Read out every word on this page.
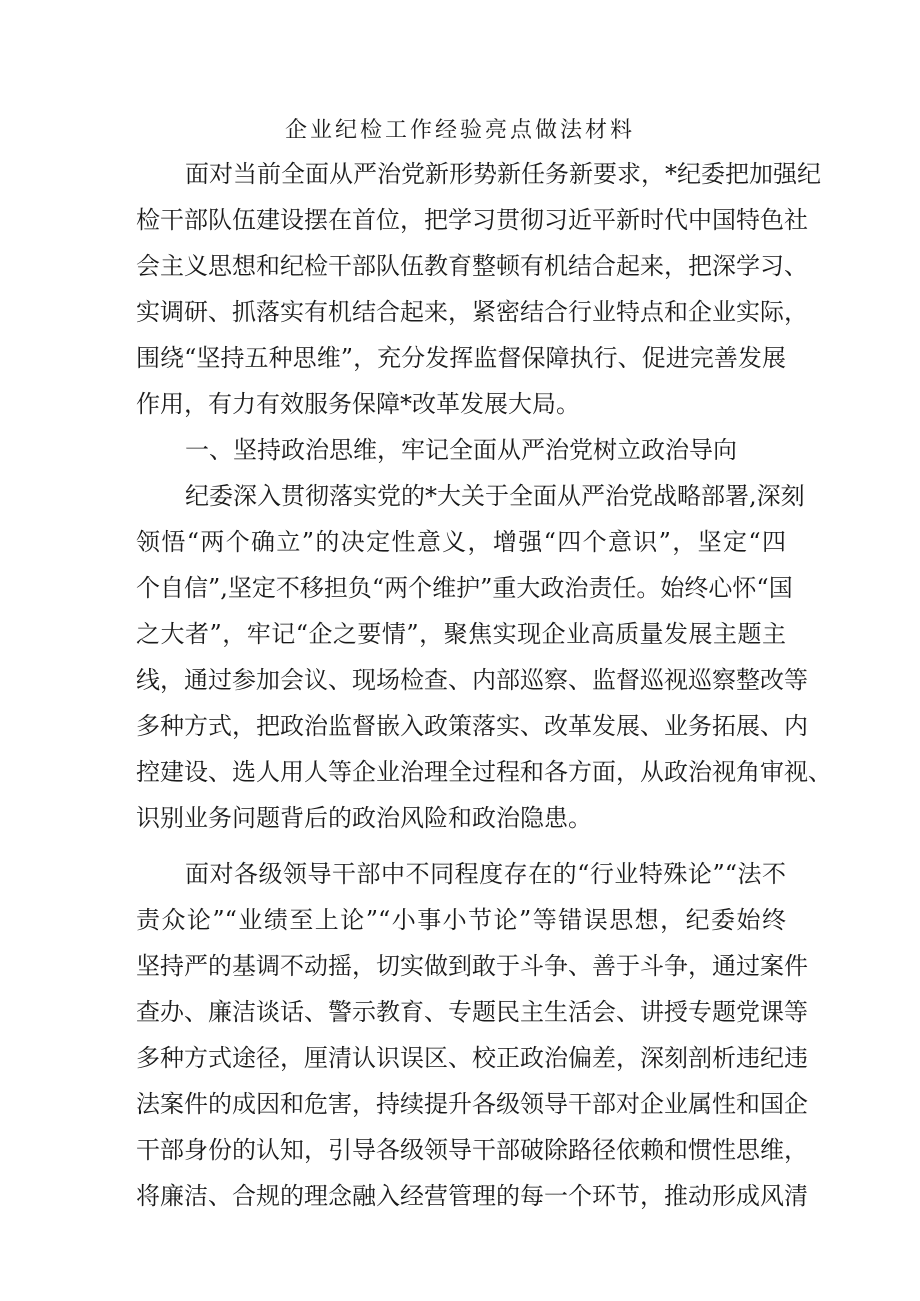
企业纪检工作经验亮点做法材料

面对当前全面从严治党新形势新任务新要求，*纪委把加强纪

检干部队伍建设摆在首位，把学习贯彻习近平新时代中国特色社

会主义思想和纪检干部队伍教育整顿有机结合起来，把深学习、

实调研、抓落实有机结合起来，紧密结合行业特点和企业实际，

围绕“坚持五种思维”，充分发挥监督保障执行、促进完善发展

作用，有力有效服务保障*改革发展大局。

一、坚持政治思维，牢记全面从严治党树立政治导向

纪委深入贯彻落实党的*大关于全面从严治党战略部署,深刻

领悟“两个确立”的决定性意义，增强“四个意识”，坚定“四

个自信”,坚定不移担负“两个维护”重大政治责任。始终心怀“国

之大者”，牢记“企之要情”，聚焦实现企业高质量发展主题主

线，通过参加会议、现场检查、内部巡察、监督巡视巡察整改等

多种方式，把政治监督嵌入政策落实、改革发展、业务拓展、内

控建设、选人用人等企业治理全过程和各方面，从政治视角审视、

识别业务问题背后的政治风险和政治隐患。

面对各级领导干部中不同程度存在的“行业特殊论”“法不

责众论”“业绩至上论”“小事小节论”等错误思想，纪委始终

坚持严的基调不动摇，切实做到敢于斗争、善于斗争，通过案件

查办、廉洁谈话、警示教育、专题民主生活会、讲授专题党课等

多种方式途径，厘清认识误区、校正政治偏差，深刻剖析违纪违

法案件的成因和危害，持续提升各级领导干部对企业属性和国企

干部身份的认知，引导各级领导干部破除路径依赖和惯性思维，

将廉洁、合规的理念融入经营管理的每一个环节，推动形成风清
